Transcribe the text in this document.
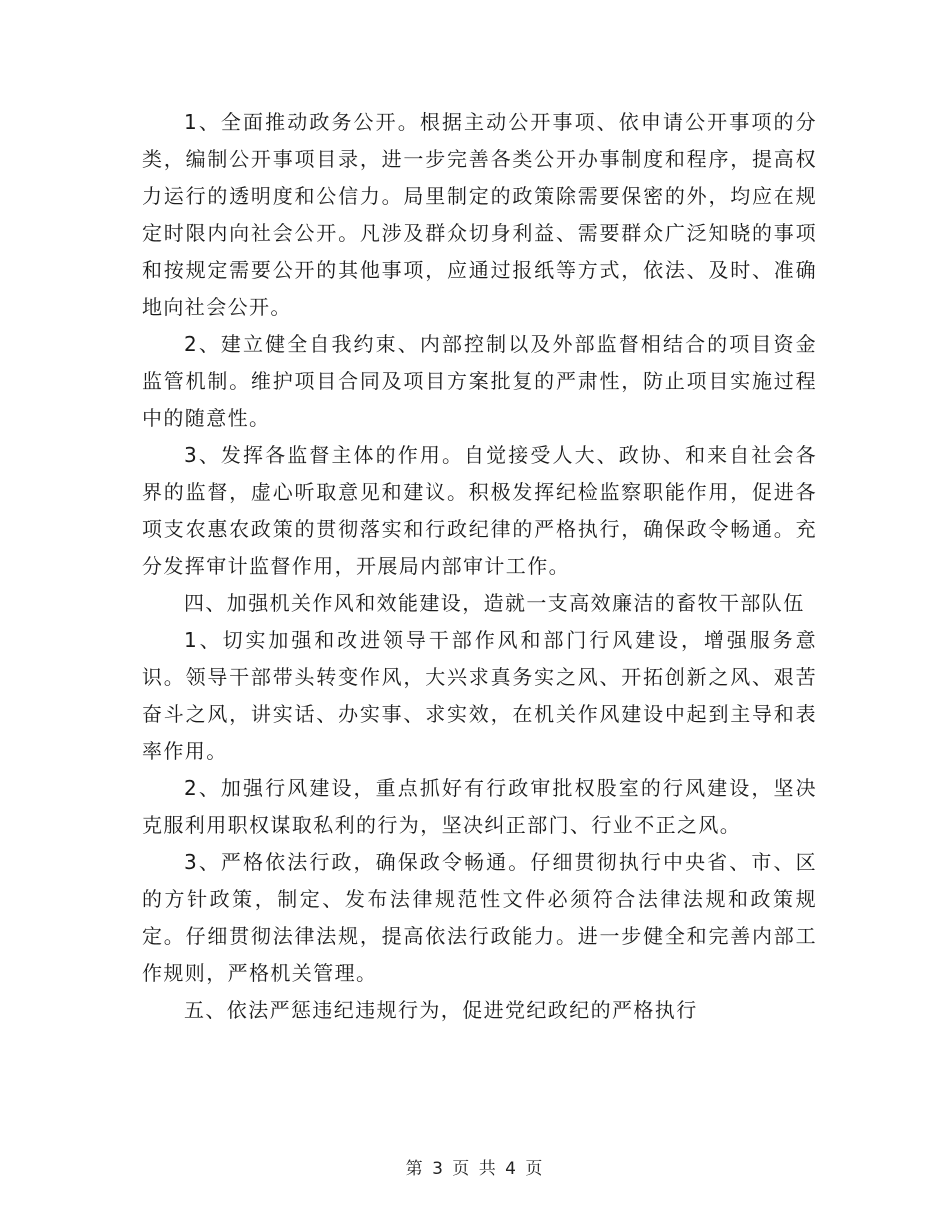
1、全面推动政务公开。根据主动公开事项、依申请公开事项的分类，编制公开事项目录，进一步完善各类公开办事制度和程序，提高权力运行的透明度和公信力。局里制定的政策除需要保密的外，均应在规定时限内向社会公开。凡涉及群众切身利益、需要群众广泛知晓的事项和按规定需要公开的其他事项，应通过报纸等方式，依法、及时、准确地向社会公开。

2、建立健全自我约束、内部控制以及外部监督相结合的项目资金监管机制。维护项目合同及项目方案批复的严肃性，防止项目实施过程中的随意性。

3、发挥各监督主体的作用。自觉接受人大、政协、和来自社会各界的监督，虚心听取意见和建议。积极发挥纪检监察职能作用，促进各项支农惠农政策的贯彻落实和行政纪律的严格执行，确保政令畅通。充分发挥审计监督作用，开展局内部审计工作。

四、加强机关作风和效能建设，造就一支高效廉洁的畜牧干部队伍

1、切实加强和改进领导干部作风和部门行风建设，增强服务意识。领导干部带头转变作风，大兴求真务实之风、开拓创新之风、艰苦奋斗之风，讲实话、办实事、求实效，在机关作风建设中起到主导和表率作用。

2、加强行风建设，重点抓好有行政审批权股室的行风建设，坚决克服利用职权谋取私利的行为，坚决纠正部门、行业不正之风。

3、严格依法行政，确保政令畅通。仔细贯彻执行中央省、市、区的方针政策，制定、发布法律规范性文件必须符合法律法规和政策规定。仔细贯彻法律法规，提高依法行政能力。进一步健全和完善内部工作规则，严格机关管理。

五、依法严惩违纪违规行为，促进党纪政纪的严格执行

第 3 页 共 4 页
